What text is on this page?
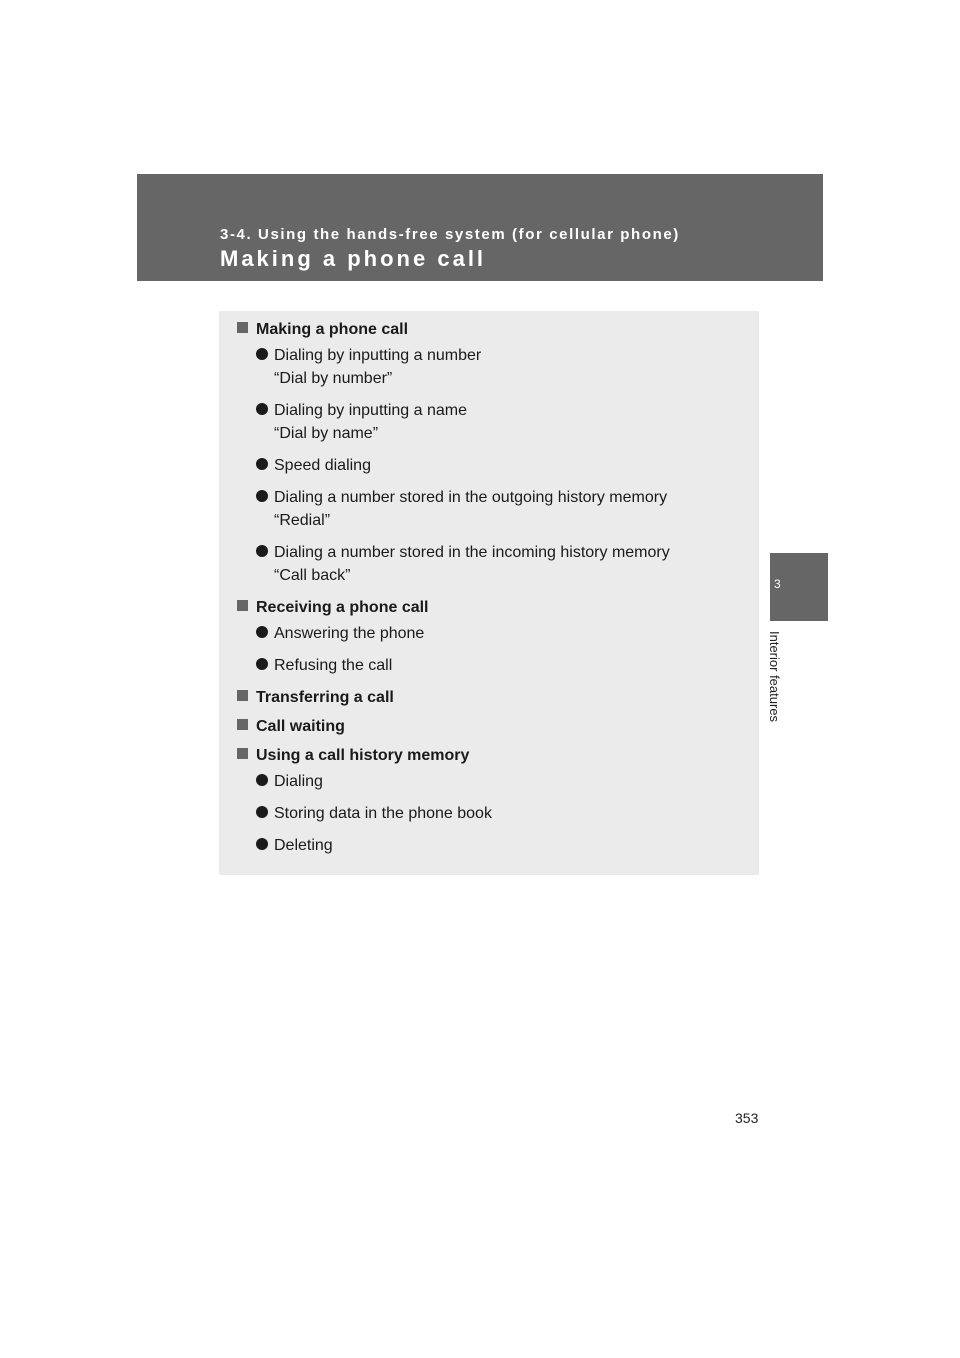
3-4. Using the hands-free system (for cellular phone)
Making a phone call
3
Interior features
Making a phone call
Dialing by inputting a number
“Dial by number”
Dialing by inputting a name
“Dial by name”
Speed dialing
Dialing a number stored in the outgoing history memory
“Redial”
Dialing a number stored in the incoming history memory
“Call back”
Receiving a phone call
Answering the phone
Refusing the call
Transferring a call
Call waiting
Using a call history memory
Dialing
Storing data in the phone book
Deleting
353
